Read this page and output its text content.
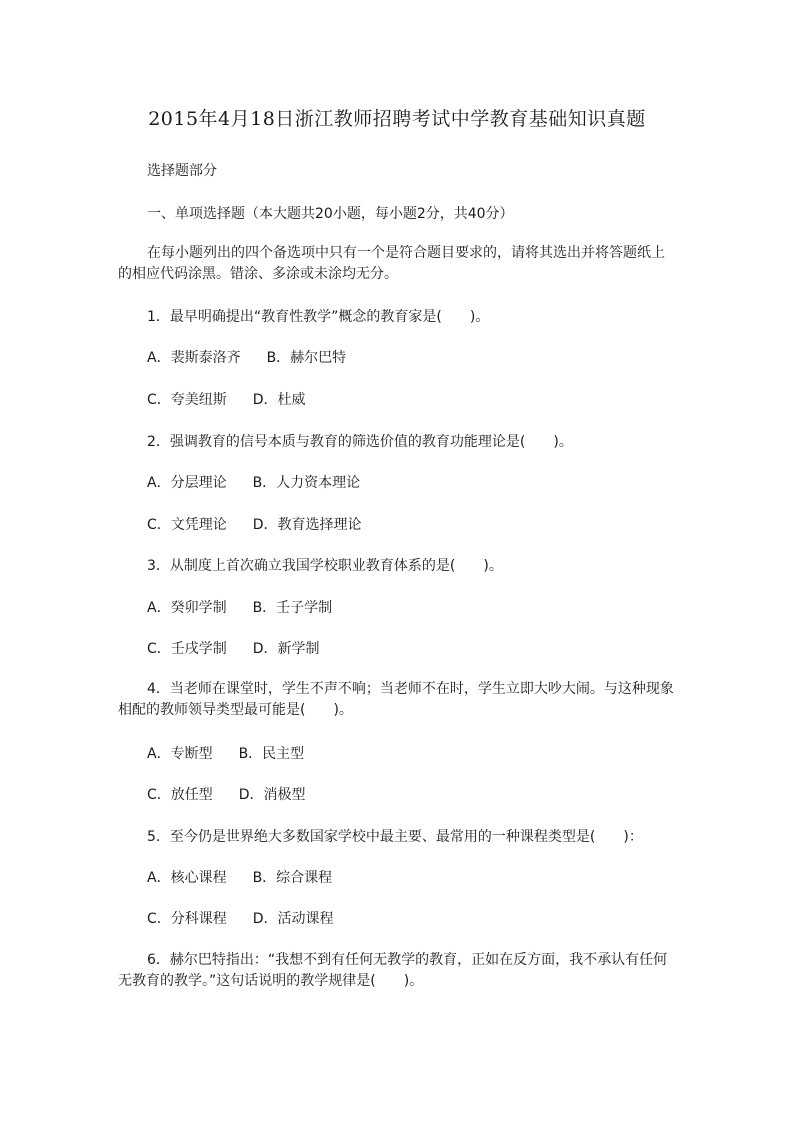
2015年4月18日浙江教师招聘考试中学教育基础知识真题
选择题部分
一、单项选择题（本大题共20小题，每小题2分，共40分）
在每小题列出的四个备选项中只有一个是符合题目要求的，请将其选出并将答题纸上的相应代码涂黑。错涂、多涂或未涂均无分。
1．最早明确提出“教育性教学”概念的教育家是(　　)。
A．裴斯泰洛齐 B．赫尔巴特
C．夸美纽斯 D．杜威
2．强调教育的信号本质与教育的筛选价值的教育功能理论是(　　)。
A．分层理论 B．人力资本理论
C．文凭理论 D．教育选择理论
3．从制度上首次确立我国学校职业教育体系的是(　　)。
A．癸卯学制 B．壬子学制
C．壬戌学制 D．新学制
4．当老师在课堂时，学生不声不响；当老师不在时，学生立即大吵大闹。与这种现象相配的教师领导类型最可能是(　　)。
A．专断型 B．民主型
C．放任型 D．消极型
5．至今仍是世界绝大多数国家学校中最主要、最常用的一种课程类型是(　　)：
A．核心课程 B．综合课程
C．分科课程 D．活动课程
6．赫尔巴特指出：“我想不到有任何无教学的教育，正如在反方面，我不承认有任何无教育的教学。”这句话说明的教学规律是(　　)。
